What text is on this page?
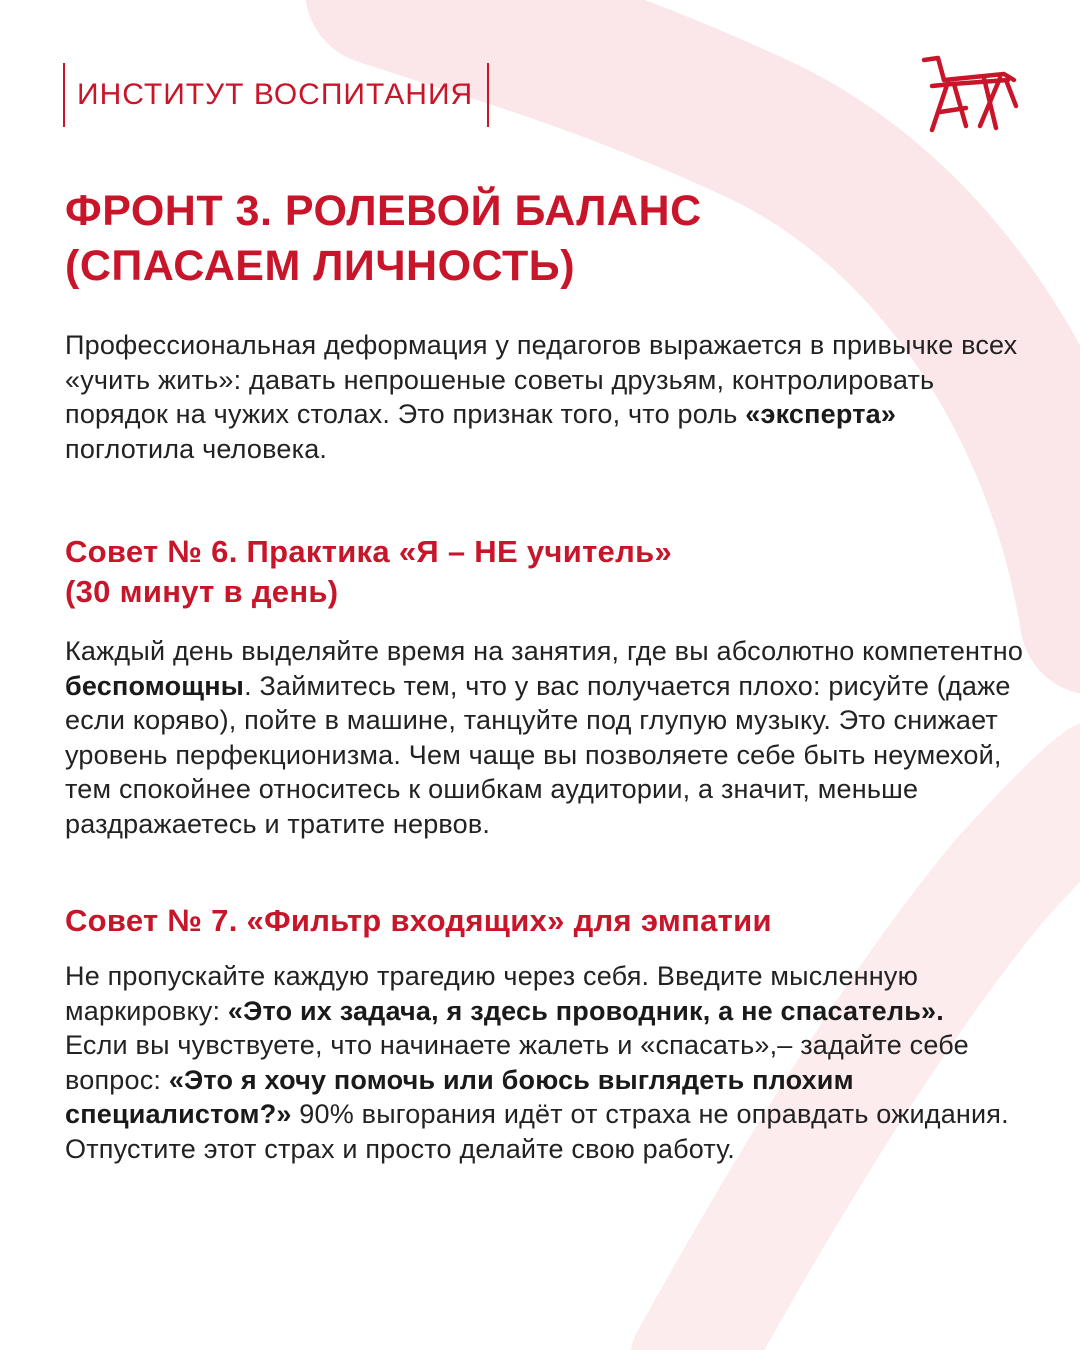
ИНСТИТУТ ВОСПИТАНИЯ
ФРОНТ 3. РОЛЕВОЙ БАЛАНС
(СПАСАЕМ ЛИЧНОСТЬ)

Профессиональная деформация у педагогов выражается в привычке всех «учить жить»: давать непрошеные советы друзьям, контролировать порядок на чужих столах. Это признак того, что роль «эксперта» поглотила человека.

Совет № 6. Практика «Я – НЕ учитель»
(30 минут в день)

Каждый день выделяйте время на занятия, где вы абсолютно компетентно беспомощны. Займитесь тем, что у вас получается плохо: рисуйте (даже если коряво), пойте в машине, танцуйте под глупую музыку. Это снижает уровень перфекционизма. Чем чаще вы позволяете себе быть неумехой, тем спокойнее относитесь к ошибкам аудитории, а значит, меньше раздражаетесь и тратите нервов.

Совет № 7. «Фильтр входящих» для эмпатии

Не пропускайте каждую трагедию через себя. Введите мысленную маркировку: «Это их задача, я здесь проводник, а не спасатель».

Если вы чувствуете, что начинаете жалеть и «спасать»,– задайте себе вопрос: «Это я хочу помочь или боюсь выглядеть плохим специалистом?» 90% выгорания идёт от страха не оправдать ожидания. Отпустите этот страх и просто делайте свою работу.
